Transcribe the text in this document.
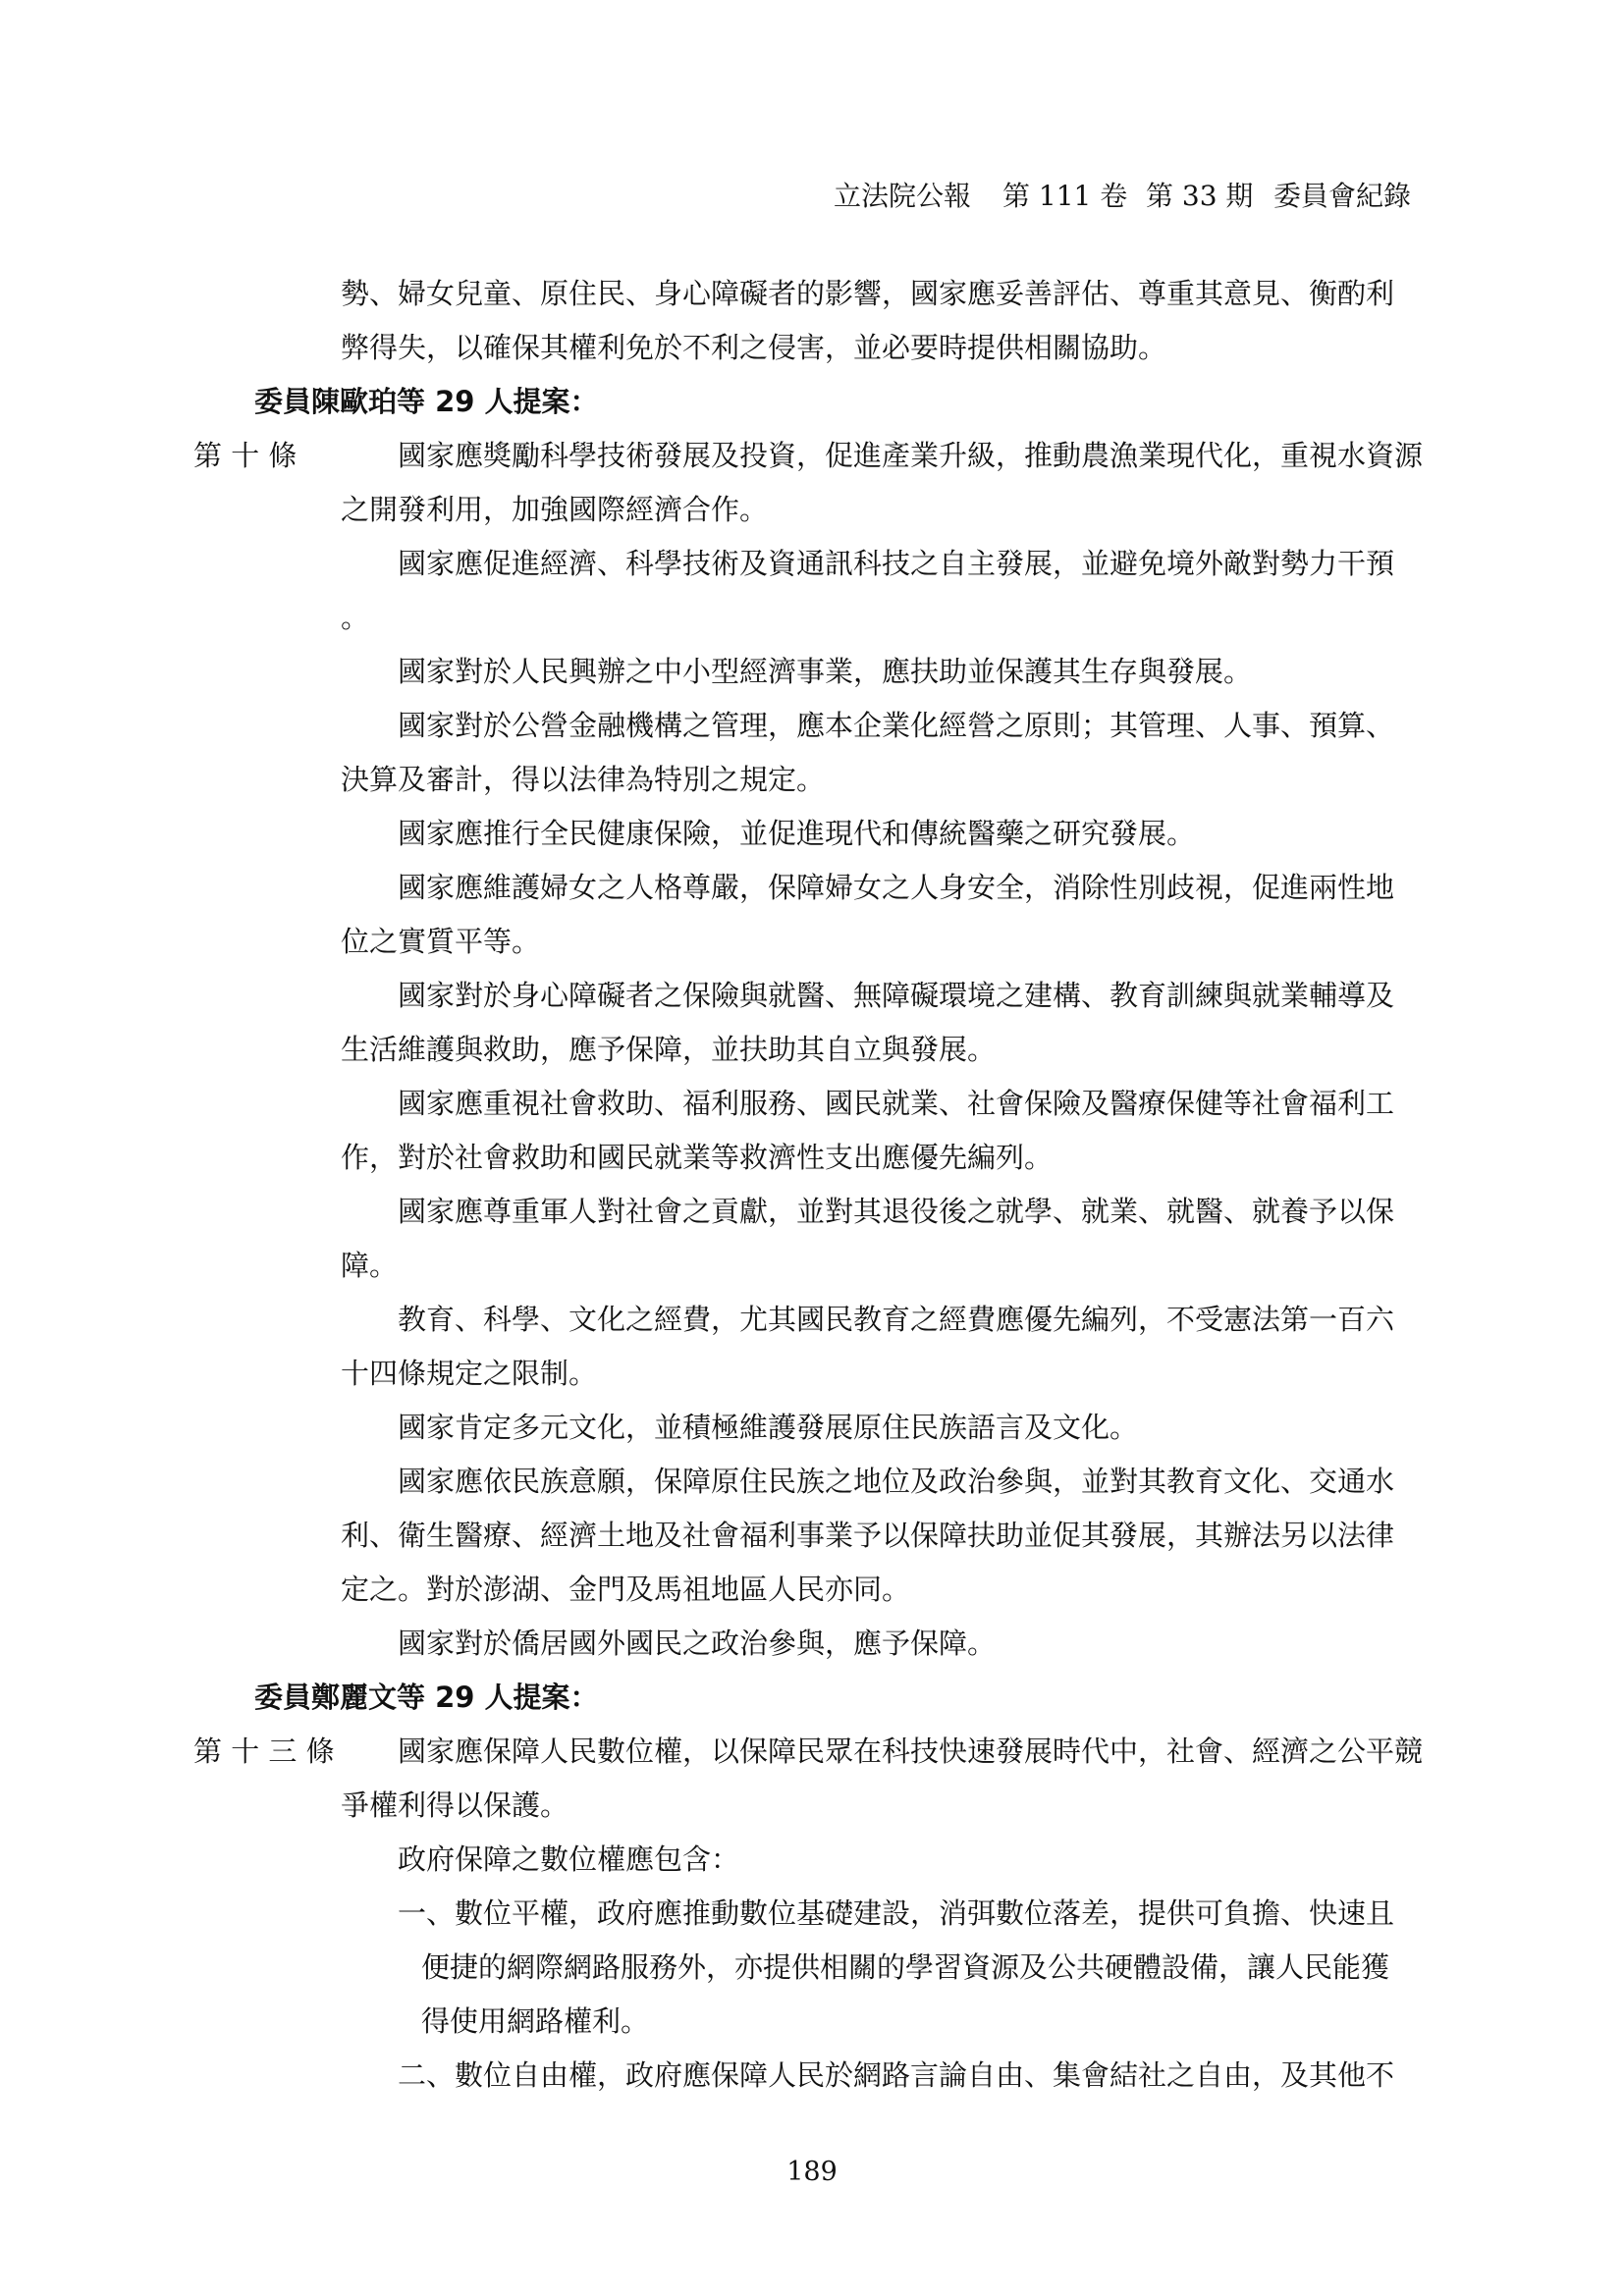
立法院公報 第 111 卷 第 33 期 委員會紀錄
勢、婦女兒童、原住民、身心障礙者的影響，國家應妥善評估、尊重其意見、衡酌利
弊得失，以確保其權利免於不利之侵害，並必要時提供相關協助。
委員陳歐珀等 29 人提案：
第 十 條	國家應獎勵科學技術發展及投資，促進產業升級，推動農漁業現代化，重視水資源
之開發利用，加強國際經濟合作。
國家應促進經濟、科學技術及資通訊科技之自主發展，並避免境外敵對勢力干預
。
國家對於人民興辦之中小型經濟事業，應扶助並保護其生存與發展。
國家對於公營金融機構之管理，應本企業化經營之原則；其管理、人事、預算、
決算及審計，得以法律為特別之規定。
國家應推行全民健康保險，並促進現代和傳統醫藥之研究發展。
國家應維護婦女之人格尊嚴，保障婦女之人身安全，消除性別歧視，促進兩性地
位之實質平等。
國家對於身心障礙者之保險與就醫、無障礙環境之建構、教育訓練與就業輔導及
生活維護與救助，應予保障，並扶助其自立與發展。
國家應重視社會救助、福利服務、國民就業、社會保險及醫療保健等社會福利工
作，對於社會救助和國民就業等救濟性支出應優先編列。
國家應尊重軍人對社會之貢獻，並對其退役後之就學、就業、就醫、就養予以保
障。
教育、科學、文化之經費，尤其國民教育之經費應優先編列，不受憲法第一百六
十四條規定之限制。
國家肯定多元文化，並積極維護發展原住民族語言及文化。
國家應依民族意願，保障原住民族之地位及政治參與，並對其教育文化、交通水
利、衛生醫療、經濟土地及社會福利事業予以保障扶助並促其發展，其辦法另以法律
定之。對於澎湖、金門及馬祖地區人民亦同。
國家對於僑居國外國民之政治參與，應予保障。
委員鄭麗文等 29 人提案：
第 十 三 條 國家應保障人民數位權，以保障民眾在科技快速發展時代中，社會、經濟之公平競
爭權利得以保護。
政府保障之數位權應包含：
一、數位平權，政府應推動數位基礎建設，消弭數位落差，提供可負擔、快速且
便捷的網際網路服務外，亦提供相關的學習資源及公共硬體設備，讓人民能獲
得使用網路權利。
二、數位自由權，政府應保障人民於網路言論自由、集會結社之自由，及其他不
189
